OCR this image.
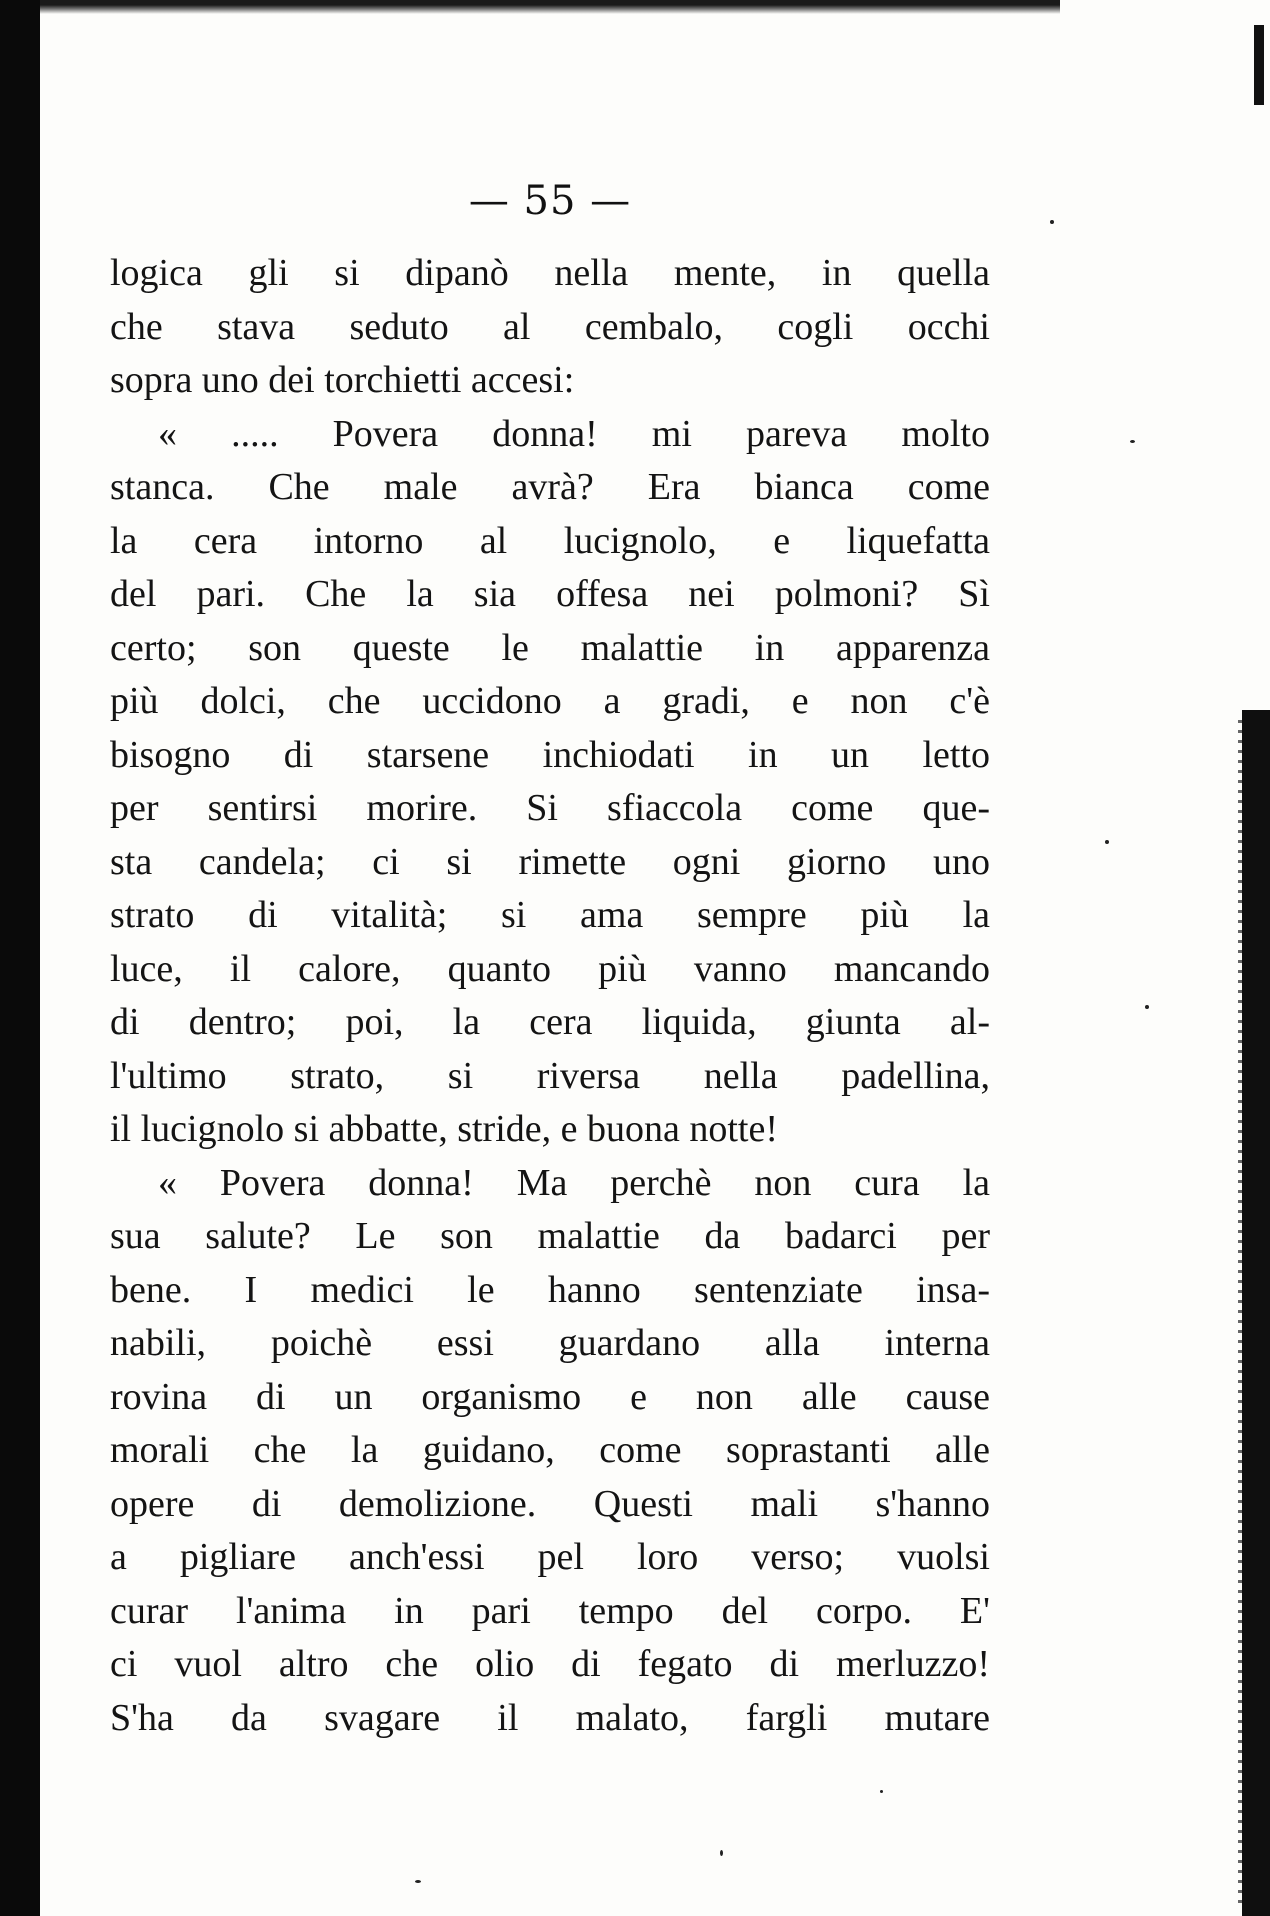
— 55 —
logica gli si dipanò nella mente, in quella
che stava seduto al cembalo, cogli occhi
sopra uno dei torchietti accesi:
« ..... Povera donna! mi pareva molto
stanca. Che male avrà? Era bianca come
la cera intorno al lucignolo, e liquefatta
del pari. Che la sia offesa nei polmoni? Sì
certo; son queste le malattie in apparenza
più dolci, che uccidono a gradi, e non c'è
bisogno di starsene inchiodati in un letto
per sentirsi morire. Si sfiaccola come que-
sta candela; ci si rimette ogni giorno uno
strato di vitalità; si ama sempre più la
luce, il calore, quanto più vanno mancando
di dentro; poi, la cera liquida, giunta al-
l'ultimo strato, si riversa nella padellina,
il lucignolo si abbatte, stride, e buona notte!
« Povera donna! Ma perchè non cura la
sua salute? Le son malattie da badarci per
bene. I medici le hanno sentenziate insa-
nabili, poichè essi guardano alla interna
rovina di un organismo e non alle cause
morali che la guidano, come soprastanti alle
opere di demolizione. Questi mali s'hanno
a pigliare anch'essi pel loro verso; vuolsi
curar l'anima in pari tempo del corpo. E'
ci vuol altro che olio di fegato di merluzzo!
S'ha da svagare il malato, fargli mutare
